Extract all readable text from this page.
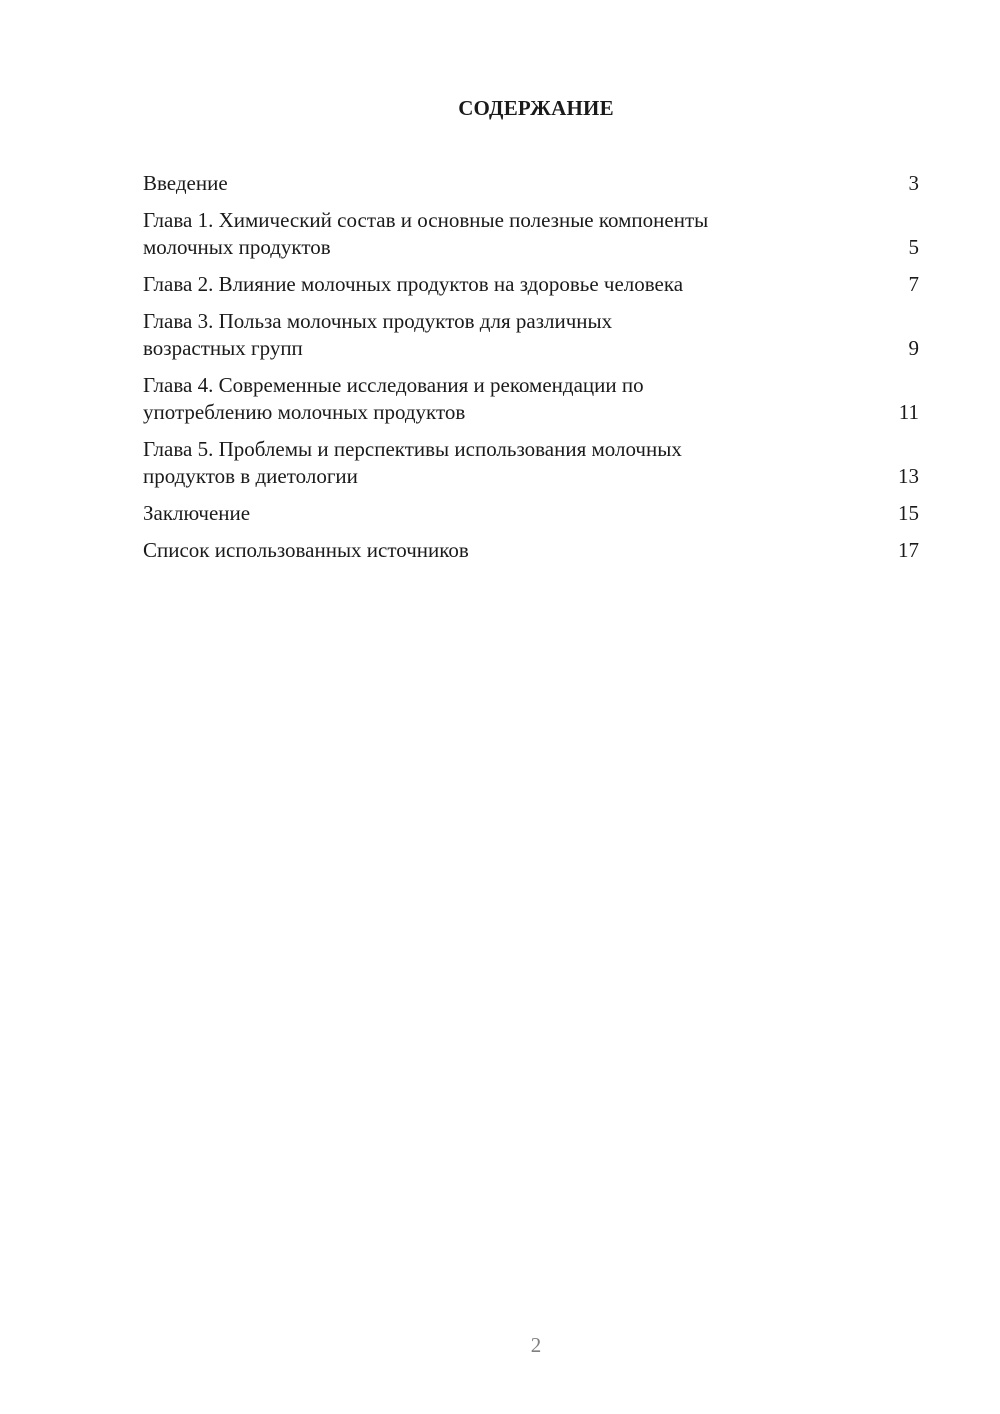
СОДЕРЖАНИЕ
Введение	3
Глава 1. Химический состав и основные полезные компоненты
молочных продуктов	5
Глава 2. Влияние молочных продуктов на здоровье человека	7
Глава 3. Польза молочных продуктов для различных
возрастных групп	9
Глава 4. Современные исследования и рекомендации по
употреблению молочных продуктов	11
Глава 5. Проблемы и перспективы использования молочных
продуктов в диетологии	13
Заключение	15
Список использованных источников	17
2
